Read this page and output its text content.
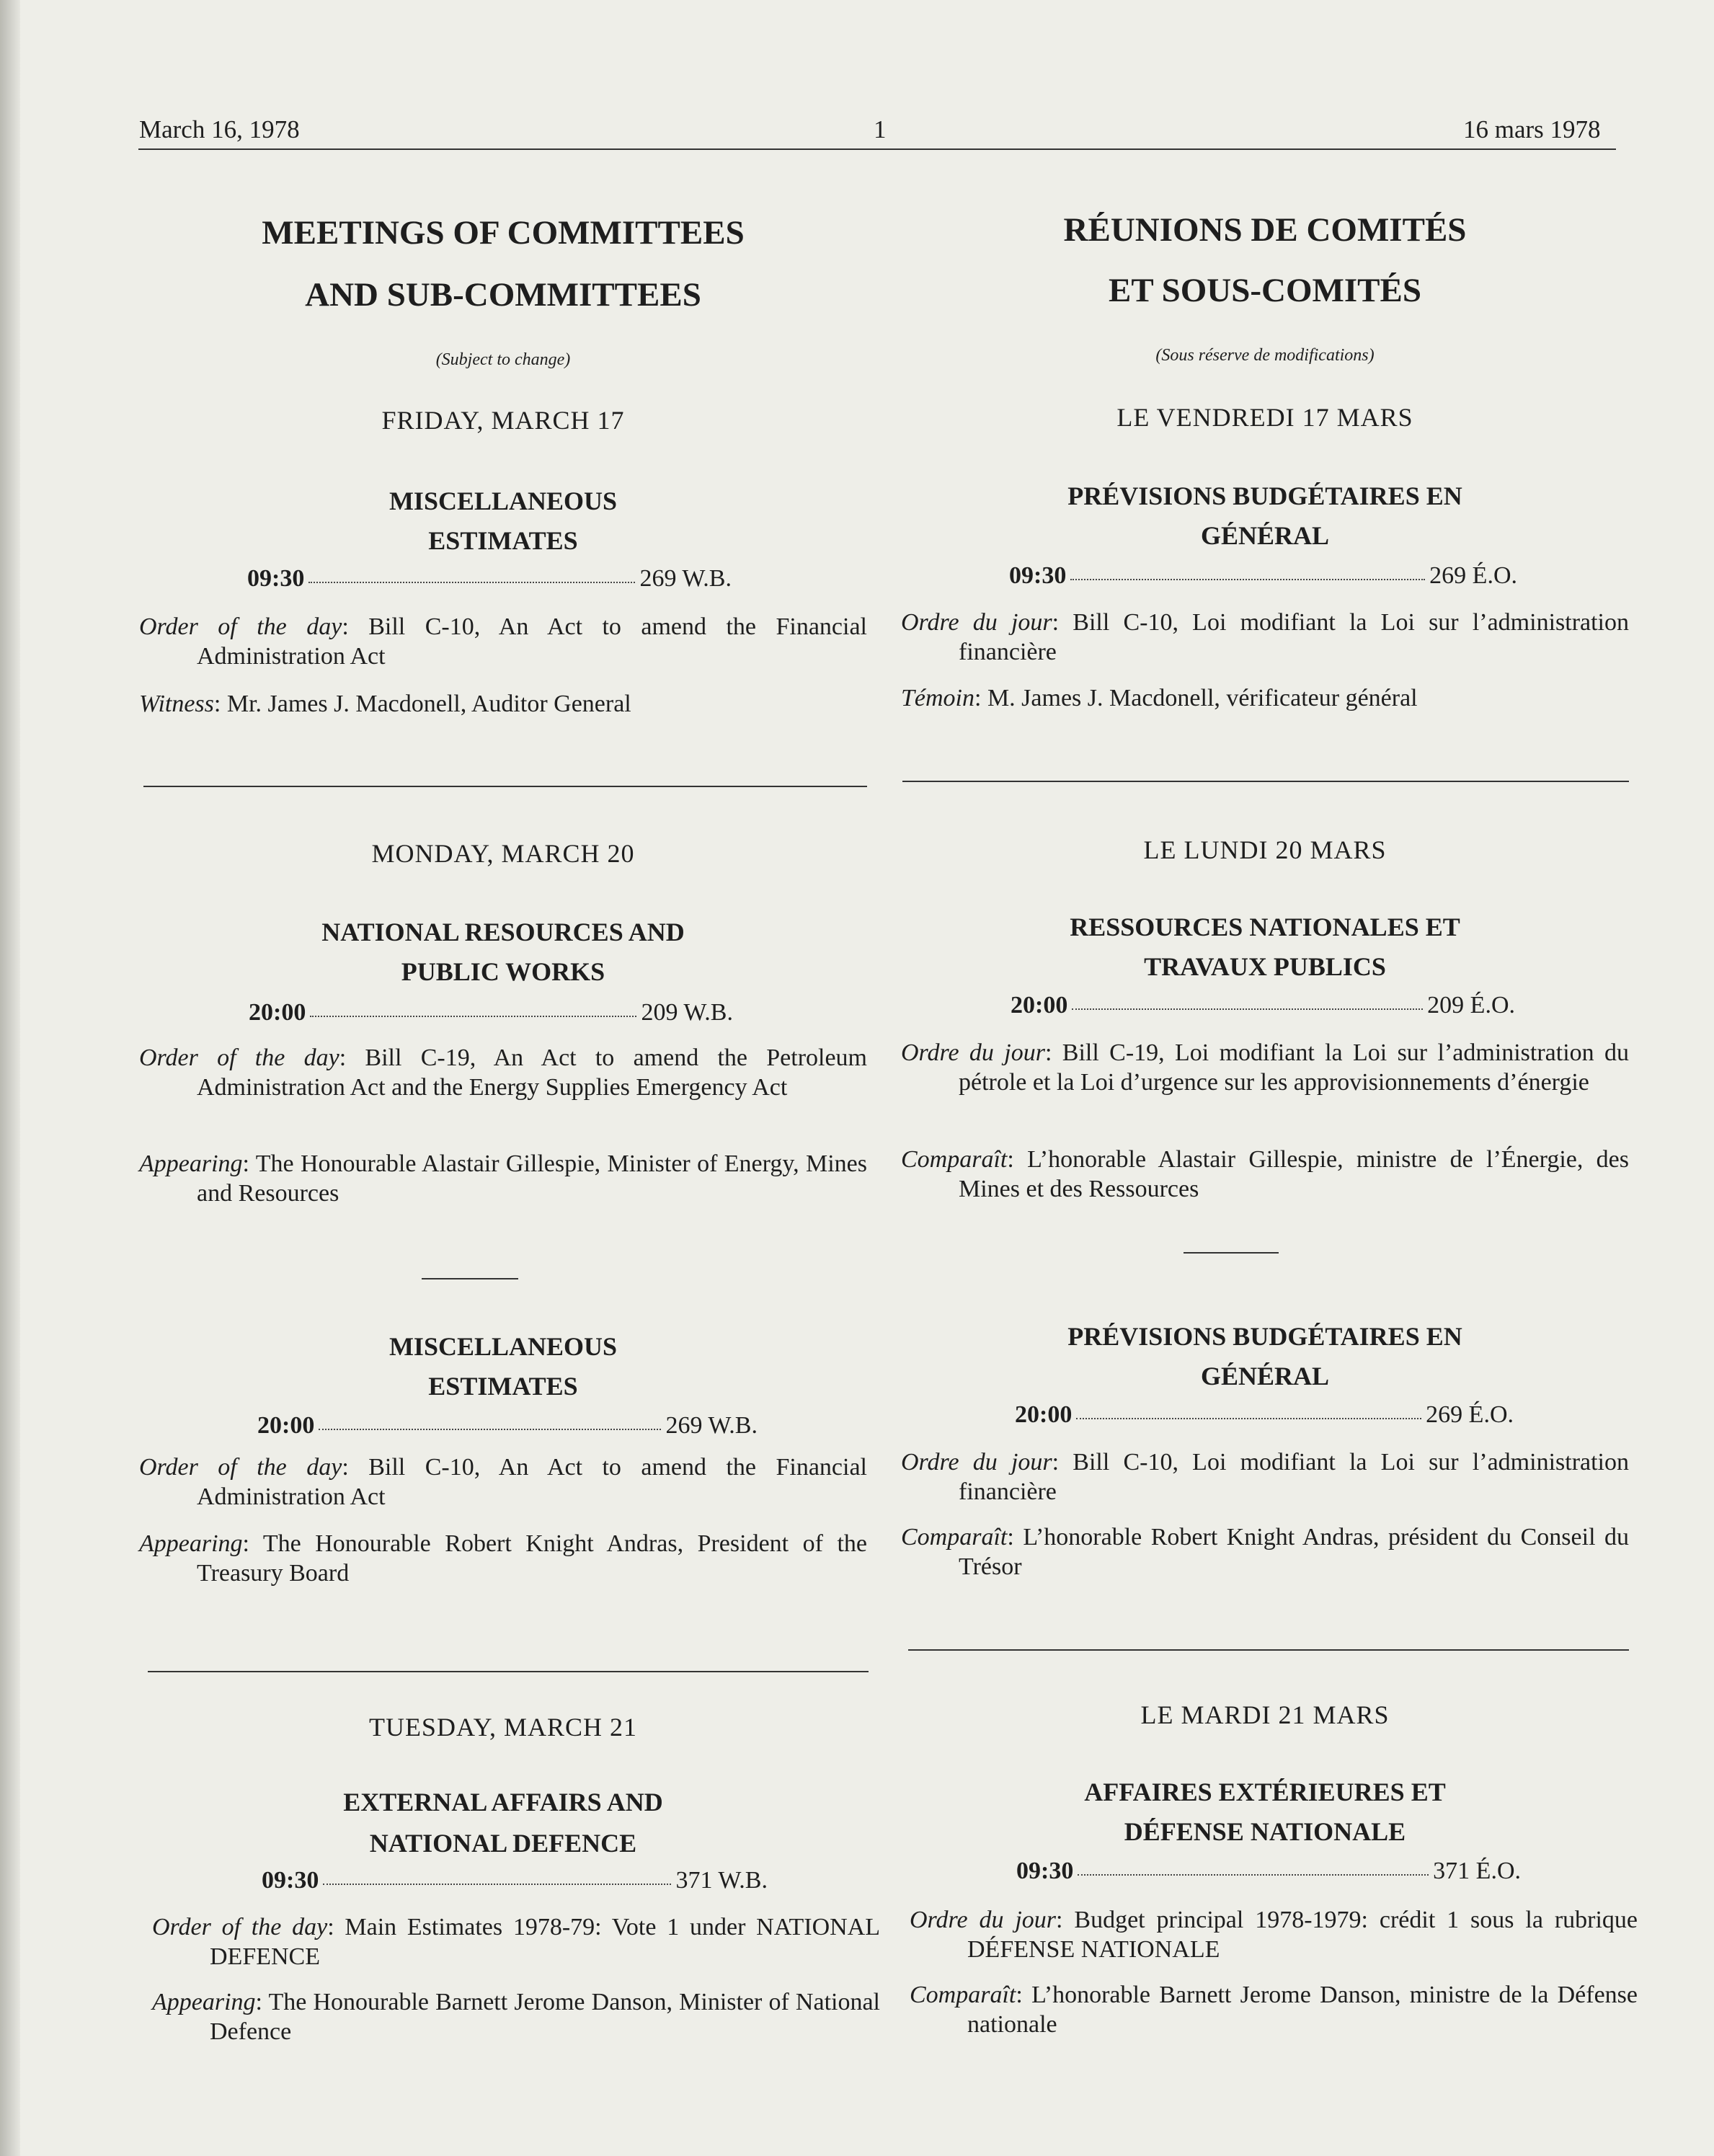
March 16, 1978	1	16 mars 1978
MEETINGS OF COMMITTEES
AND SUB-COMMITTEES
(Subject to change)
FRIDAY, MARCH 17
MISCELLANEOUS
ESTIMATES
09:30	269 W.B.
Order of the day: Bill C-10, An Act to amend the Financial Administration Act
Witness: Mr. James J. Macdonell, Auditor General
MONDAY, MARCH 20
NATIONAL RESOURCES AND
PUBLIC WORKS
20:00	209 W.B.
Order of the day: Bill C-19, An Act to amend the Petroleum Administration Act and the Energy Supplies Emergency Act
Appearing: The Honourable Alastair Gillespie, Minister of Energy, Mines and Resources
MISCELLANEOUS
ESTIMATES
20:00	269 W.B.
Order of the day: Bill C-10, An Act to amend the Financial Administration Act
Appearing: The Honourable Robert Knight Andras, President of the Treasury Board
TUESDAY, MARCH 21
EXTERNAL AFFAIRS AND
NATIONAL DEFENCE
09:30	371 W.B.
Order of the day: Main Estimates 1978-79: Vote 1 under NATIONAL DEFENCE
Appearing: The Honourable Barnett Jerome Danson, Minister of National Defence
RÉUNIONS DE COMITÉS
ET SOUS-COMITÉS
(Sous réserve de modifications)
LE VENDREDI 17 MARS
PRÉVISIONS BUDGÉTAIRES EN
GÉNÉRAL
09:30	269 É.O.
Ordre du jour: Bill C-10, Loi modifiant la Loi sur l’administration financière
Témoin: M. James J. Macdonell, vérificateur général
LE LUNDI 20 MARS
RESSOURCES NATIONALES ET
TRAVAUX PUBLICS
20:00	209 É.O.
Ordre du jour: Bill C-19, Loi modifiant la Loi sur l’administration du pétrole et la Loi d’urgence sur les approvisionnements d’énergie
Comparaît: L’honorable Alastair Gillespie, ministre de l’Énergie, des Mines et des Ressources
PRÉVISIONS BUDGÉTAIRES EN
GÉNÉRAL
20:00	269 É.O.
Ordre du jour: Bill C-10, Loi modifiant la Loi sur l’administration financière
Comparaît: L’honorable Robert Knight Andras, président du Conseil du Trésor
LE MARDI 21 MARS
AFFAIRES EXTÉRIEURES ET
DÉFENSE NATIONALE
09:30	371 É.O.
Ordre du jour: Budget principal 1978-1979: crédit 1 sous la rubrique DÉFENSE NATIONALE
Comparaît: L’honorable Barnett Jerome Danson, ministre de la Défense nationale
